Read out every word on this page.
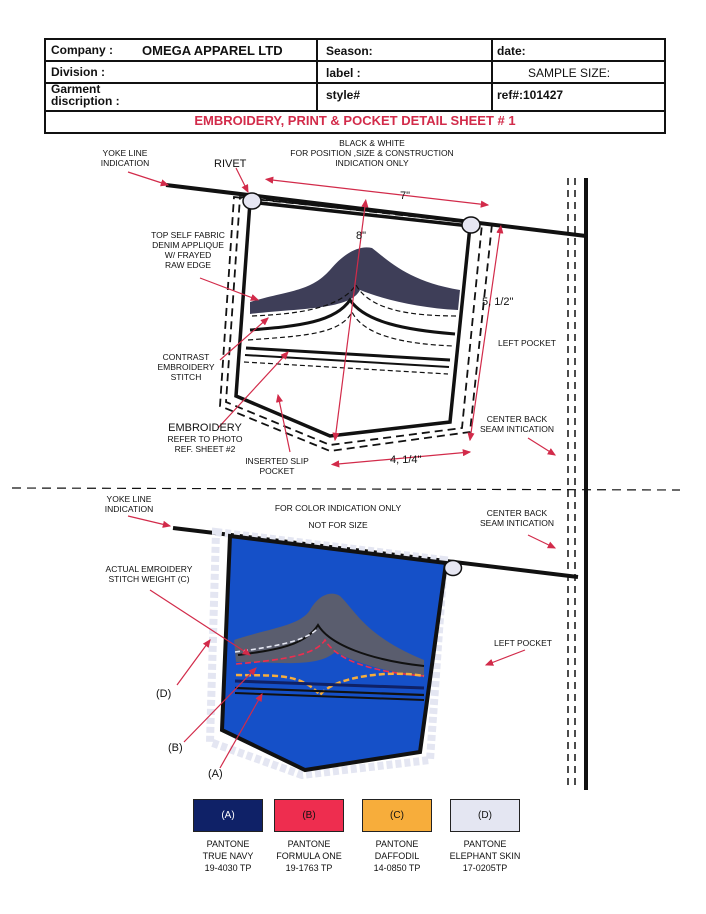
Company : OMEGA APPAREL LTD	Season:	date:
Division :	label :	SAMPLE SIZE:
Garment
discription :	style#	ref#:101427
EMBROIDERY, PRINT & POCKET DETAIL SHEET # 1
BLACK & WHITE
FOR POSITION ,SIZE & CONSTRUCTION
INDICATION ONLY
YOKE LINE
INDICATION	RIVET
7"
8"
5, 1/2"
4, 1/4"
TOP SELF FABRIC
DENIM APPLIQUE
W/ FRAYED
RAW EDGE
CONTRAST
EMBROIDERY
STITCH
EMBROIDERY
REFER TO PHOTO
REF. SHEET #2
INSERTED SLIP
POCKET
LEFT POCKET
CENTER BACK
SEAM INTICATION
FOR COLOR INDICATION ONLY
NOT FOR SIZE
YOKE LINE
INDICATION	CENTER BACK
SEAM INTICATION
ACTUAL EMROIDERY
STITCH WEIGHT (C)
LEFT POCKET
(D)
(B)
(A)
(A)	(B)	(C)	(D)
PANTONE
TRUE NAVY
19-4030 TP
PANTONE
FORMULA ONE
19-1763 TP
PANTONE
DAFFODIL
14-0850 TP
PANTONE
ELEPHANT SKIN
17-0205TP
